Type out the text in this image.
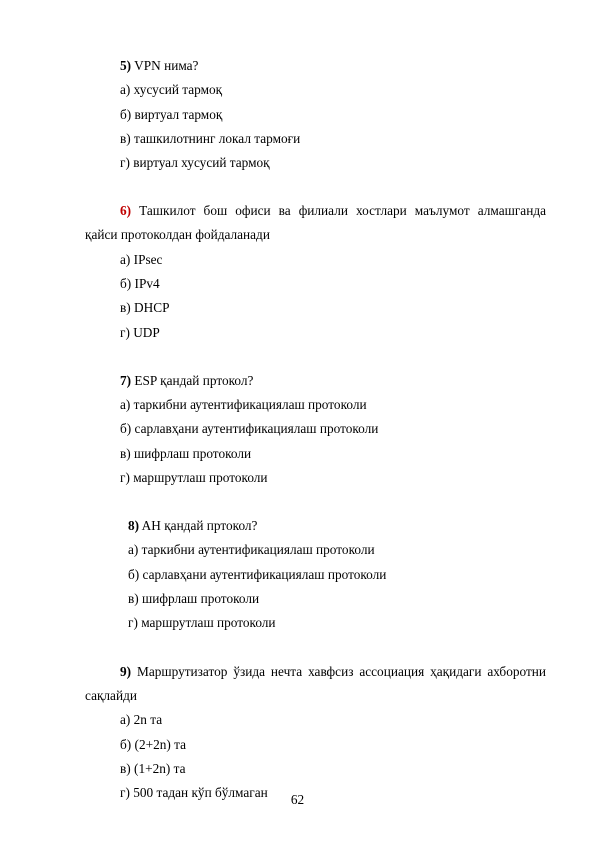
5) VPN нима?
а) хусусий тармоқ
б) виртуал тармоқ
в) ташкилотнинг локал тармоғи
г) виртуал хусусий тармоқ
6) Ташкилот бош офиси ва филиали хостлари маълумот алмашганда
қайси протоколдан фойдаланади
а) IPsec
б) IPv4
в) DHCP
г) UDP
7) ESP қандай пртокол?
а) таркибни аутентификациялаш протоколи
б) сарлавҳани аутентификациялаш протоколи
в) шифрлаш протоколи
г) маршрутлаш протоколи
8) AH қандай пртокол?
а) таркибни аутентификациялаш протоколи
б) сарлавҳани аутентификациялаш протоколи
в) шифрлаш протоколи
г) маршрутлаш протоколи
9) Маршрутизатор ўзида нечта хавфсиз ассоциация ҳақидаги ахборотни
сақлайди
а) 2n та
б) (2+2n) та
в) (1+2n) та
г) 500 тадан кўп бўлмаган	62
